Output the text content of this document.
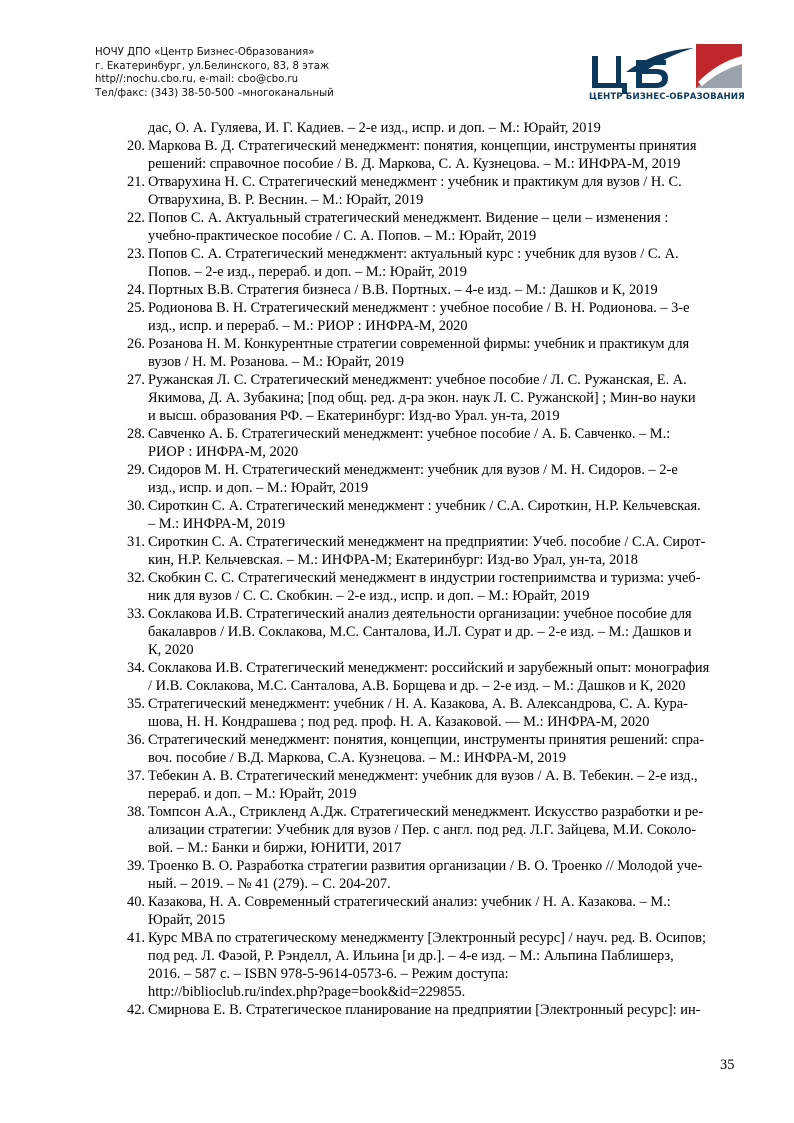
НОЧУ ДПО «Центр Бизнес-Образования»
г. Екатеринбург, ул.Белинского, 83, 8 этаж
http//:nochu.cbo.ru, e-mail: cbo@cbo.ru
Тел/факс: (343) 38-50-500 –многоканальный	ЦЕНТР БИЗНЕС-ОБРАЗОВАНИЯ
дас, О. А. Гуляева, И. Г. Кадиев. – 2-е изд., испр. и доп. – М.: Юрайт, 2019
20. Маркова В. Д. Стратегический менеджмент: понятия, концепции, инструменты принятия
решений: справочное пособие / В. Д. Маркова, С. А. Кузнецова. – М.: ИНФРА-М, 2019
21. Отварухина Н. С. Стратегический менеджмент : учебник и практикум для вузов / Н. С.
Отварухина, В. Р. Веснин. – М.: Юрайт, 2019
22. Попов С. А. Актуальный стратегический менеджмент. Видение – цели – изменения :
учебно-практическое пособие / С. А. Попов. – М.: Юрайт, 2019
23. Попов С. А. Стратегический менеджмент: актуальный курс : учебник для вузов / С. А.
Попов. – 2-е изд., перераб. и доп. – М.: Юрайт, 2019
24. Портных В.В. Стратегия бизнеса / В.В. Портных. – 4-е изд. – М.: Дашков и К, 2019
25. Родионова В. Н. Стратегический менеджмент : учебное пособие / В. Н. Родионова. – 3-е
изд., испр. и перераб. – М.: РИОР : ИНФРА-М, 2020
26. Розанова Н. М. Конкурентные стратегии современной фирмы: учебник и практикум для
вузов / Н. М. Розанова. – М.: Юрайт, 2019
27. Ружанская Л. С. Стратегический менеджмент: учебное пособие / Л. С. Ружанская, Е. А.
Якимова, Д. А. Зубакина; [под общ. ред. д-ра экон. наук Л. С. Ружанской] ; Мин-во науки
и высш. образования РФ. – Екатеринбург: Изд-во Урал. ун-та, 2019
28. Савченко А. Б. Стратегический менеджмент: учебное пособие / А. Б. Савченко. – М.:
РИОР : ИНФРА-М, 2020
29. Сидоров М. Н. Стратегический менеджмент: учебник для вузов / М. Н. Сидоров. – 2-е
изд., испр. и доп. – М.: Юрайт, 2019
30. Сироткин С. А. Стратегический менеджмент : учебник / С.А. Сироткин, Н.Р. Кельчевская.
– М.: ИНФРА-М, 2019
31. Сироткин С. А. Стратегический менеджмент на предприятии: Учеб. пособие / С.А. Сирот-
кин, Н.Р. Кельчевская. – М.: ИНФРА-М; Екатеринбург: Изд-во Урал, ун-та, 2018
32. Скобкин С. С. Стратегический менеджмент в индустрии гостеприимства и туризма: учеб-
ник для вузов / С. С. Скобкин. – 2-е изд., испр. и доп. – М.: Юрайт, 2019
33. Соклакова И.В. Стратегический анализ деятельности организации: учебное пособие для
бакалавров / И.В. Соклакова, М.С. Санталова, И.Л. Сурат и др. – 2-е изд. – М.: Дашков и
К, 2020
34. Соклакова И.В. Стратегический менеджмент: российский и зарубежный опыт: монография
/ И.В. Соклакова, М.С. Санталова, А.В. Борщева и др. – 2-е изд. – М.: Дашков и К, 2020
35. Стратегический менеджмент: учебник / Н. А. Казакова, А. В. Александрова, С. А. Кура-
шова, Н. Н. Кондрашева ; под ред. проф. Н. А. Казаковой. — М.: ИНФРА-М, 2020
36. Стратегический менеджмент: понятия, концепции, инструменты принятия решений: спра-
воч. пособие / В.Д. Маркова, С.А. Кузнецова. – М.: ИНФРА-М, 2019
37. Тебекин А. В. Стратегический менеджмент: учебник для вузов / А. В. Тебекин. – 2-е изд.,
перераб. и доп. – М.: Юрайт, 2019
38. Томпсон А.А., Стрикленд А.Дж. Стратегический менеджмент. Искусство разработки и ре-
ализации стратегии: Учебник для вузов / Пер. с англ. под ред. Л.Г. Зайцева, М.И. Соколо-
вой. – М.: Банки и биржи, ЮНИТИ, 2017
39. Троенко В. О. Разработка стратегии развития организации / В. О. Троенко // Молодой уче-
ный. – 2019. – № 41 (279). – С. 204-207.
40. Казакова, Н. А. Современный стратегический анализ: учебник / Н. А. Казакова. – М.:
Юрайт, 2015
41. Курс MBA по стратегическому менеджменту [Электронный ресурс] / науч. ред. В. Осипов;
под ред. Л. Фаэой, Р. Рэнделл, А. Ильина [и др.]. – 4-е изд. – М.: Альпина Паблишерз,
2016. – 587 с. – ISBN 978-5-9614-0573-6. – Режим доступа:
http://biblioclub.ru/index.php?page=book&id=229855.
42. Смирнова Е. В. Стратегическое планирование на предприятии [Электронный ресурс]: ин-
35
